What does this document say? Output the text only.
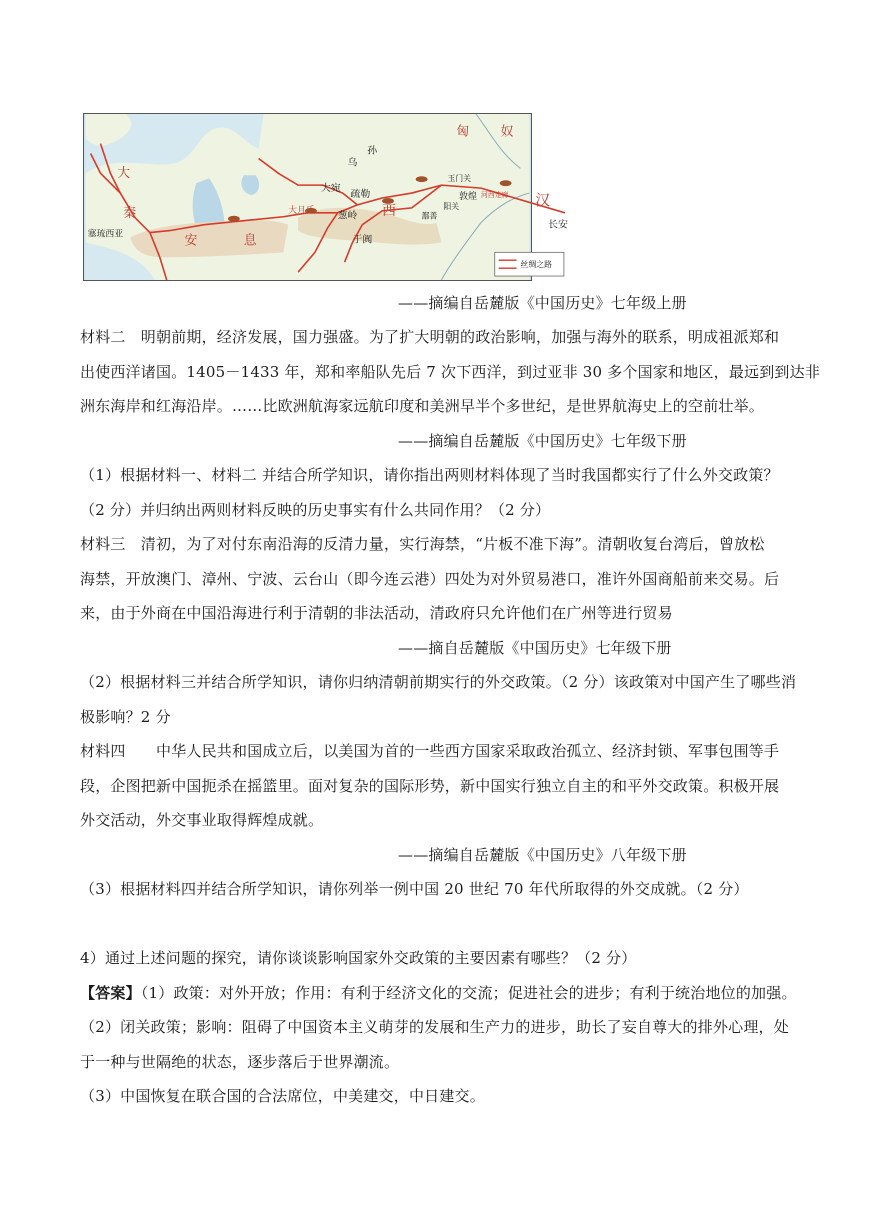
匈 奴
汉
长安
大宛
大月氏
疏勒
葱岭
于阗
玉门关
敦煌
阳关
鄯善
河西走廊
西
乌
孙
大
秦
安	息
塞琉西亚
丝绸之路
——摘编自岳麓版《中国历史》七年级上册
材料二　明朝前期，经济发展，国力强盛。为了扩大明朝的政治影响，加强与海外的联系，明成祖派郑和
出使西洋诸国。1405－1433 年，郑和率船队先后 7 次下西洋，到过亚非 30 多个国家和地区，最远到到达非
洲东海岸和红海沿岸。……比欧洲航海家远航印度和美洲早半个多世纪，是世界航海史上的空前壮举。
——摘编自岳麓版《中国历史》七年级下册
（1）根据材料一、材料二 并结合所学知识，请你指出两则材料体现了当时我国都实行了什么外交政策？
（2 分）并归纳出两则材料反映的历史事实有什么共同作用？（2 分）
材料三　清初，为了对付东南沿海的反清力量，实行海禁，“片板不准下海”。清朝收复台湾后，曾放松
海禁，开放澳门、漳州、宁波、云台山（即今连云港）四处为对外贸易港口，准许外国商船前来交易。后
来，由于外商在中国沿海进行利于清朝的非法活动，清政府只允许他们在广州等进行贸易
——摘自岳麓版《中国历史》七年级下册
（2）根据材料三并结合所学知识，请你归纳清朝前期实行的外交政策。（2 分）该政策对中国产生了哪些消
极影响？2 分
材料四　　中华人民共和国成立后，以美国为首的一些西方国家采取政治孤立、经济封锁、军事包围等手
段，企图把新中国扼杀在摇篮里。面对复杂的国际形势，新中国实行独立自主的和平外交政策。积极开展
外交活动，外交事业取得辉煌成就。
——摘编自岳麓版《中国历史》八年级下册
（3）根据材料四并结合所学知识，请你列举一例中国 20 世纪 70 年代所取得的外交成就。（2 分）
4）通过上述问题的探究，请你谈谈影响国家外交政策的主要因素有哪些？（2 分）
【答案】（1）政策：对外开放；作用：有利于经济文化的交流；促进社会的进步；有利于统治地位的加强。
（2）闭关政策；影响：阻碍了中国资本主义萌芽的发展和生产力的进步，助长了妄自尊大的排外心理，处
于一种与世隔绝的状态，逐步落后于世界潮流。
（3）中国恢复在联合国的合法席位，中美建交，中日建交。
